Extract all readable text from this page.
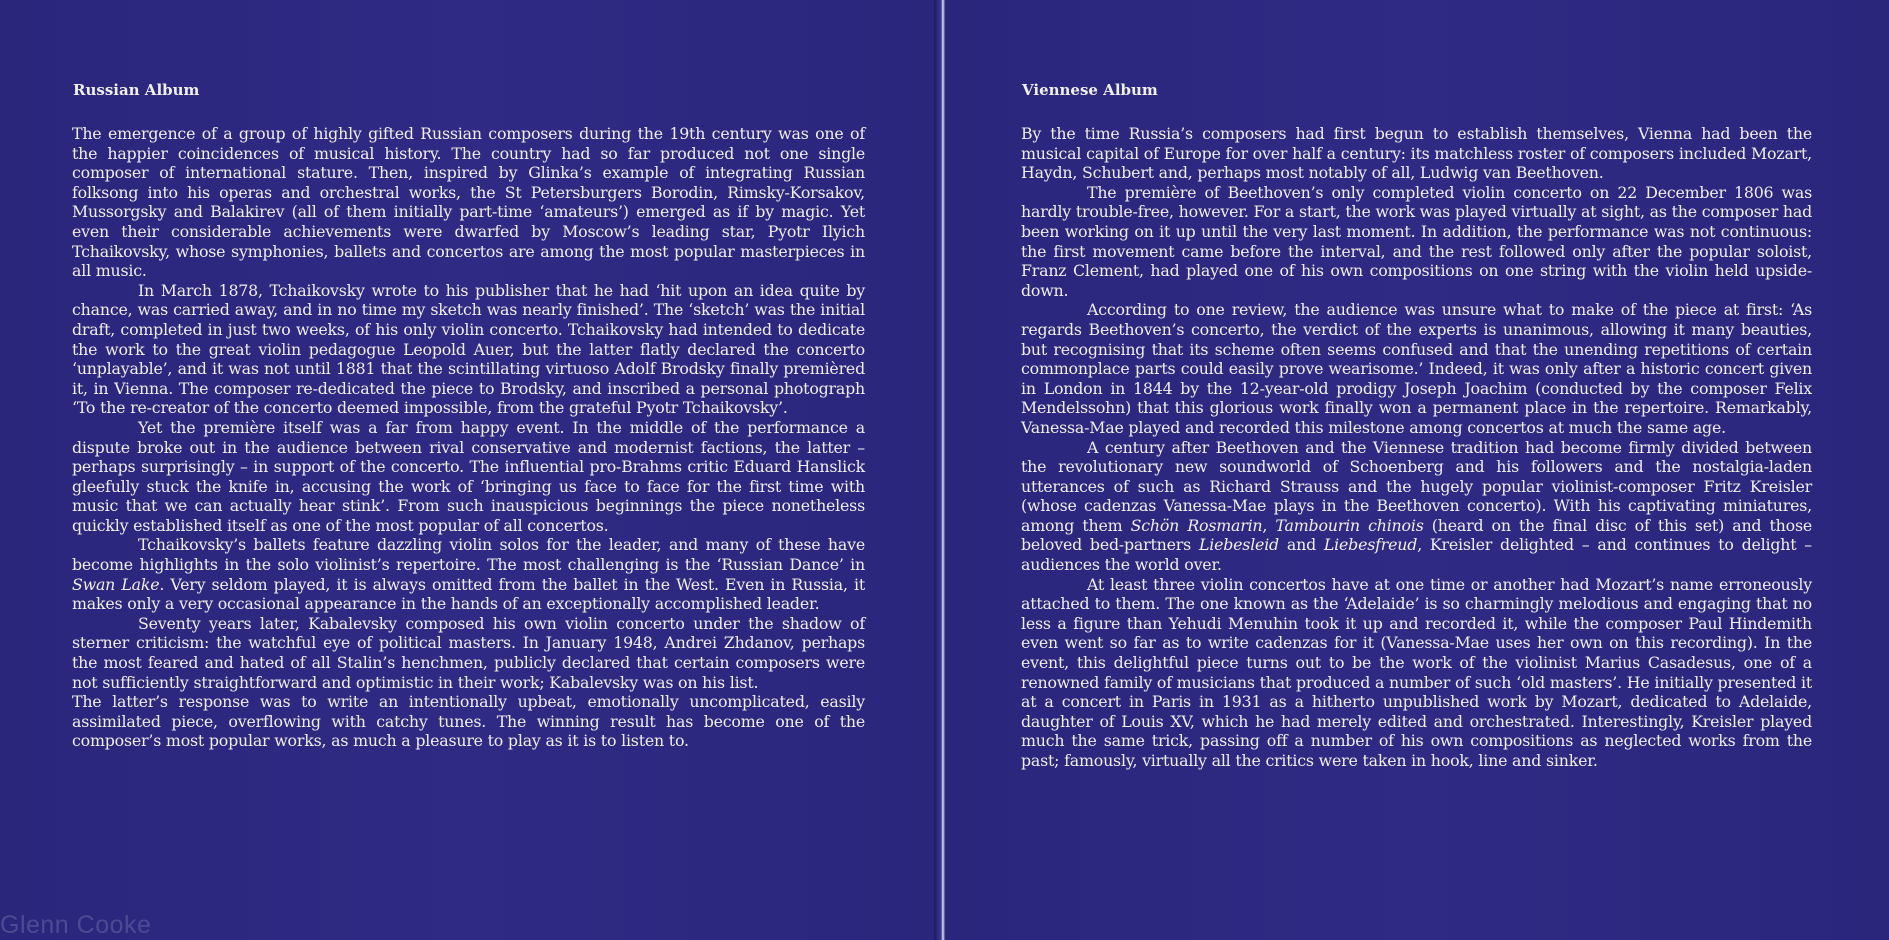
Russian Album

The emergence of a group of highly gifted Russian composers during the 19th century was one of the happier coincidences of musical history. The country had so far produced not one single composer of international stature. Then, inspired by Glinka’s example of integrating Russian folksong into his operas and orchestral works, the St Petersburgers Borodin, Rimsky-Korsakov, Mussorgsky and Balakirev (all of them initially part-time ‘amateurs’) emerged as if by magic. Yet even their considerable achievements were dwarfed by Moscow’s leading star, Pyotr Ilyich Tchaikovsky, whose symphonies, ballets and concertos are among the most popular masterpieces in all music.

In March 1878, Tchaikovsky wrote to his publisher that he had ‘hit upon an idea quite by chance, was carried away, and in no time my sketch was nearly finished’. The ‘sketch’ was the initial draft, completed in just two weeks, of his only violin concerto. Tchaikovsky had intended to dedicate the work to the great violin pedagogue Leopold Auer, but the latter flatly declared the concerto ‘unplayable’, and it was not until 1881 that the scintillating virtuoso Adolf Brodsky finally premièred it, in Vienna. The composer re-dedicated the piece to Brodsky, and inscribed a personal photograph ‘To the re-creator of the concerto deemed impossible, from the grateful Pyotr Tchaikovsky’.

Yet the première itself was a far from happy event. In the middle of the performance a dispute broke out in the audience between rival conservative and modernist factions, the latter – perhaps surprisingly – in support of the concerto. The influential pro-Brahms critic Eduard Hanslick gleefully stuck the knife in, accusing the work of ‘bringing us face to face for the first time with music that we can actually hear stink’. From such inauspicious beginnings the piece nonetheless quickly established itself as one of the most popular of all concertos.

Tchaikovsky’s ballets feature dazzling violin solos for the leader, and many of these have become highlights in the solo violinist’s repertoire. The most challenging is the ‘Russian Dance’ in Swan Lake. Very seldom played, it is always omitted from the ballet in the West. Even in Russia, it makes only a very occasional appearance in the hands of an exceptionally accomplished leader.

Seventy years later, Kabalevsky composed his own violin concerto under the shadow of sterner criticism: the watchful eye of political masters. In January 1948, Andrei Zhdanov, perhaps the most feared and hated of all Stalin’s henchmen, publicly declared that certain composers were not sufficiently straightforward and optimistic in their work; Kabalevsky was on his list.

The latter’s response was to write an intentionally upbeat, emotionally uncomplicated, easily assimilated piece, overflowing with catchy tunes. The winning result has become one of the composer’s most popular works, as much a pleasure to play as it is to listen to.

Glenn Cooke
Viennese Album

By the time Russia’s composers had first begun to establish themselves, Vienna had been the musical capital of Europe for over half a century: its matchless roster of composers included Mozart, Haydn, Schubert and, perhaps most notably of all, Ludwig van Beethoven.

The première of Beethoven’s only completed violin concerto on 22 December 1806 was hardly trouble-free, however. For a start, the work was played virtually at sight, as the composer had been working on it up until the very last moment. In addition, the performance was not continuous: the first movement came before the interval, and the rest followed only after the popular soloist, Franz Clement, had played one of his own compositions on one string with the violin held upside-down.

According to one review, the audience was unsure what to make of the piece at first: ‘As regards Beethoven’s concerto, the verdict of the experts is unanimous, allowing it many beauties, but recognising that its scheme often seems confused and that the unending repetitions of certain commonplace parts could easily prove wearisome.’ Indeed, it was only after a historic concert given in London in 1844 by the 12-year-old prodigy Joseph Joachim (conducted by the composer Felix Mendelssohn) that this glorious work finally won a permanent place in the repertoire. Remarkably, Vanessa-Mae played and recorded this milestone among concertos at much the same age.

A century after Beethoven and the Viennese tradition had become firmly divided between the revolutionary new soundworld of Schoenberg and his followers and the nostalgia-laden utterances of such as Richard Strauss and the hugely popular violinist-composer Fritz Kreisler (whose cadenzas Vanessa-Mae plays in the Beethoven concerto). With his captivating miniatures, among them Schön Rosmarin, Tambourin chinois (heard on the final disc of this set) and those beloved bed-partners Liebesleid and Liebesfreud, Kreisler delighted – and continues to delight – audiences the world over.

At least three violin concertos have at one time or another had Mozart’s name erroneously attached to them. The one known as the ‘Adelaide’ is so charmingly melodious and engaging that no less a figure than Yehudi Menuhin took it up and recorded it, while the composer Paul Hindemith even went so far as to write cadenzas for it (Vanessa-Mae uses her own on this recording). In the event, this delightful piece turns out to be the work of the violinist Marius Casadesus, one of a renowned family of musicians that produced a number of such ‘old masters’. He initially presented it at a concert in Paris in 1931 as a hitherto unpublished work by Mozart, dedicated to Adelaide, daughter of Louis XV, which he had merely edited and orchestrated. Interestingly, Kreisler played much the same trick, passing off a number of his own compositions as neglected works from the past; famously, virtually all the critics were taken in hook, line and sinker.
